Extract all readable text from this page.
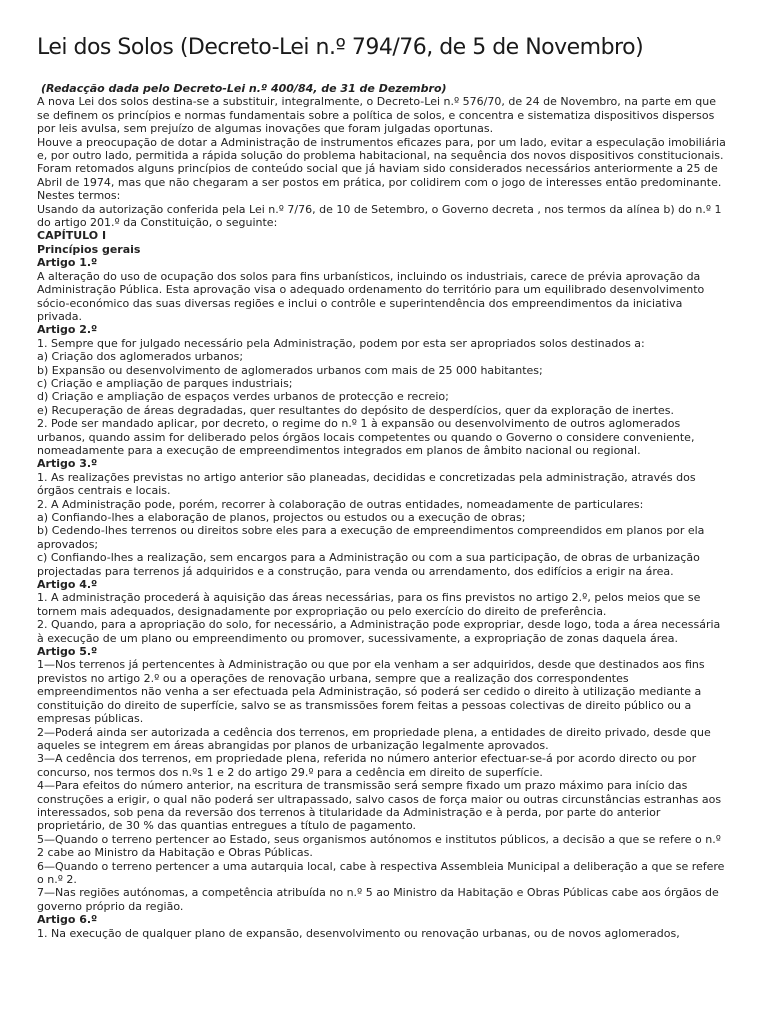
Lei dos Solos (Decreto-Lei n.º 794/76, de 5 de Novembro)
(Redacção dada pelo Decreto-Lei n.º 400/84, de 31 de Dezembro)
A nova Lei dos solos destina-se a substituir, integralmente, o Decreto-Lei n.º 576/70, de 24 de Novembro, na parte em que se definem os princípios e normas fundamentais sobre a política de solos, e concentra e sistematiza dispositivos dispersos por leis avulsa, sem prejuízo de algumas inovações que foram julgadas oportunas.
Houve a preocupação de dotar a Administração de instrumentos eficazes para, por um lado, evitar a especulação imobiliária e, por outro lado, permitida a rápida solução do problema habitacional, na sequência dos novos dispositivos constitucionais.
Foram retomados alguns princípios de conteúdo social que já haviam sido considerados necessários anteriormente a 25 de Abril de 1974, mas que não chegaram a ser postos em prática, por colidirem com o jogo de interesses então predominante.
Nestes termos:
Usando da autorização conferida pela Lei n.º 7/76, de 10 de Setembro, o Governo decreta , nos termos da alínea b) do n.º 1 do artigo 201.º da Constituição, o seguinte:
CAPÍTULO I
Princípios gerais
Artigo 1.º
A alteração do uso de ocupação dos solos para fins urbanísticos, incluindo os industriais, carece de prévia aprovação da Administração Pública. Esta aprovação visa o adequado ordenamento do território para um equilibrado desenvolvimento sócio-económico das suas diversas regiões e inclui o contrôle e superintendência dos empreendimentos da iniciativa privada.
Artigo 2.º
1. Sempre que for julgado necessário pela Administração, podem por esta ser apropriados solos destinados a:
a) Criação dos aglomerados urbanos;
b) Expansão ou desenvolvimento de aglomerados urbanos com mais de 25 000 habitantes;
c) Criação e ampliação de parques industriais;
d) Criação e ampliação de espaços verdes urbanos de protecção e recreio;
e) Recuperação de áreas degradadas, quer resultantes do depósito de desperdícios, quer da exploração de inertes.
2. Pode ser mandado aplicar, por decreto, o regime do n.º 1 à expansão ou desenvolvimento de outros aglomerados urbanos, quando assim for deliberado pelos órgãos locais competentes ou quando o Governo o considere conveniente, nomeadamente para a execução de empreendimentos integrados em planos de âmbito nacional ou regional.
Artigo 3.º
1. As realizações previstas no artigo anterior são planeadas, decididas e concretizadas pela administração, através dos órgãos centrais e locais.
2. A Administração pode, porém, recorrer à colaboração de outras entidades, nomeadamente de particulares:
a) Confiando-lhes a elaboração de planos, projectos ou estudos ou a execução de obras;
b) Cedendo-lhes terrenos ou direitos sobre eles para a execução de empreendimentos compreendidos em planos por ela aprovados;
c) Confiando-lhes a realização, sem encargos para a Administração ou com a sua participação, de obras de urbanização projectadas para terrenos já adquiridos e a construção, para venda ou arrendamento, dos edifícios a erigir na área.
Artigo 4.º
1. A administração procederá à aquisição das áreas necessárias, para os fins previstos no artigo 2.º, pelos meios que se tornem mais adequados, designadamente por expropriação ou pelo exercício do direito de preferência.
2. Quando, para a apropriação do solo, for necessário, a Administração pode expropriar, desde logo, toda a área necessária à execução de um plano ou empreendimento ou promover, sucessivamente, a expropriação de zonas daquela área.
Artigo 5.º
1—Nos terrenos já pertencentes à Administração ou que por ela venham a ser adquiridos, desde que destinados aos fins previstos no artigo 2.º ou a operações de renovação urbana, sempre que a realização dos correspondentes empreendimentos não venha a ser efectuada pela Administração, só poderá ser cedido o direito à utilização mediante a constituição do direito de superfície, salvo se as transmissões forem feitas a pessoas colectivas de direito público ou a empresas públicas.
2—Poderá ainda ser autorizada a cedência dos terrenos, em propriedade plena, a entidades de direito privado, desde que aqueles se integrem em áreas abrangidas por planos de urbanização legalmente aprovados.
3—A cedência dos terrenos, em propriedade plena, referida no número anterior efectuar-se-á por acordo directo ou por concurso, nos termos dos n.ºs 1 e 2 do artigo 29.º para a cedência em direito de superfície.
4—Para efeitos do número anterior, na escritura de transmissão será sempre fixado um prazo máximo para início das construções a erigir, o qual não poderá ser ultrapassado, salvo casos de força maior ou outras circunstâncias estranhas aos interessados, sob pena da reversão dos terrenos à titularidade da Administração e à perda, por parte do anterior proprietário, de 30 % das quantias entregues a título de pagamento.
5—Quando o terreno pertencer ao Estado, seus organismos autónomos e institutos públicos, a decisão a que se refere o n.º 2 cabe ao Ministro da Habitação e Obras Públicas.
6—Quando o terreno pertencer a uma autarquia local, cabe à respectiva Assembleia Municipal a deliberação a que se refere o n.º 2.
7—Nas regiões autónomas, a competência atribuída no n.º 5 ao Ministro da Habitação e Obras Públicas cabe aos órgãos de governo próprio da região.
Artigo 6.º
1. Na execução de qualquer plano de expansão, desenvolvimento ou renovação urbanas, ou de novos aglomerados,
